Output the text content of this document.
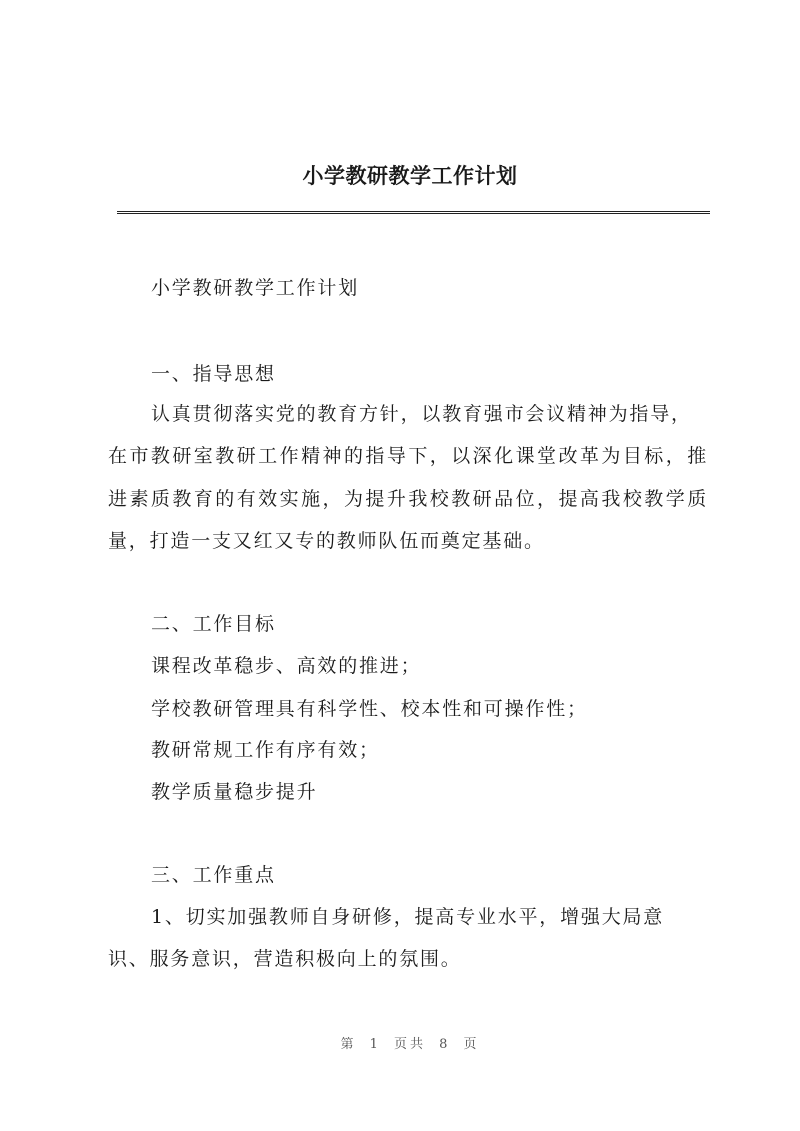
小学教研教学工作计划
小学教研教学工作计划
一、指导思想
认真贯彻落实党的教育方针，以教育强市会议精神为指导，
在市教研室教研工作精神的指导下，以深化课堂改革为目标，推
进素质教育的有效实施，为提升我校教研品位，提高我校教学质
量，打造一支又红又专的教师队伍而奠定基础。
二、工作目标
课程改革稳步、高效的推进；
学校教研管理具有科学性、校本性和可操作性；
教研常规工作有序有效；
教学质量稳步提升
三、工作重点
1、切实加强教师自身研修，提高专业水平，增强大局意
识、服务意识，营造积极向上的氛围。
第 1 页共 8 页
